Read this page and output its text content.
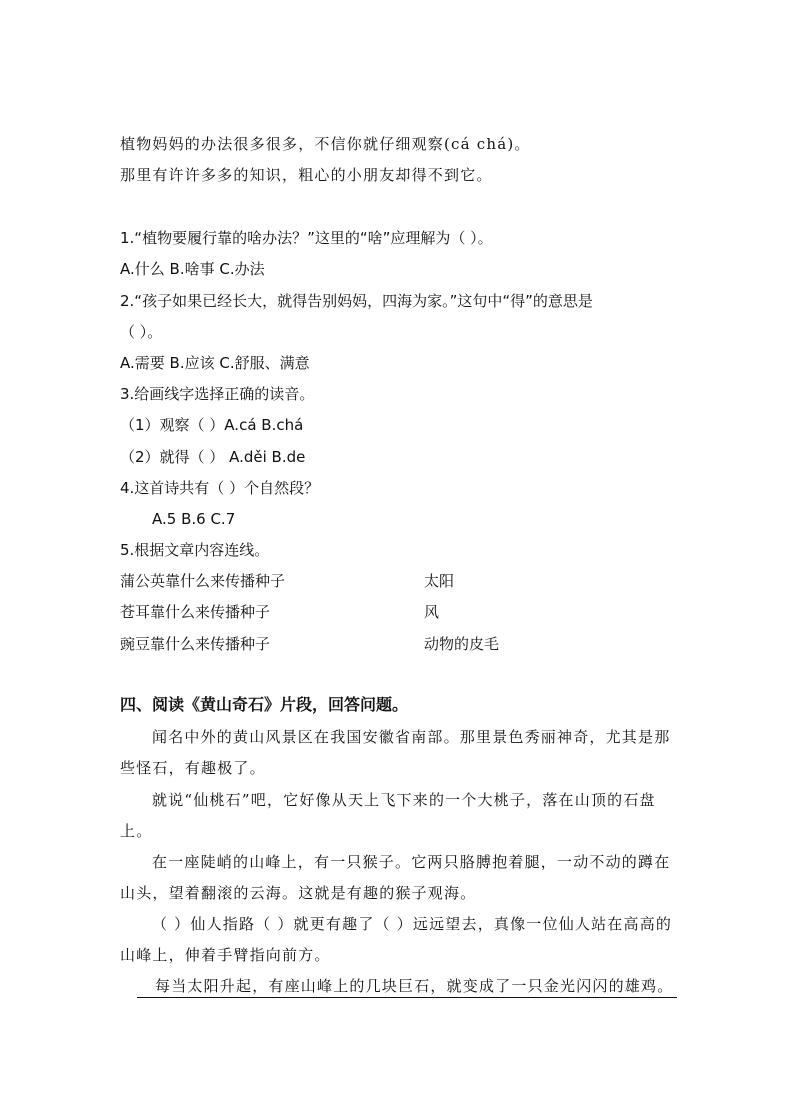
植物妈妈的办法很多很多，不信你就仔细观察(cá chá)。
那里有许许多多的知识，粗心的小朋友却得不到它。
1.“植物要履行靠的啥办法？”这里的“啥”应理解为（ ）。
A.什么 B.啥事 C.办法
2.“孩子如果已经长大，就得告别妈妈，四海为家。”这句中“得”的意思是
（ ）。
A.需要 B.应该 C.舒服、满意
3.给画线字选择正确的读音。
（1）观察（ ）A.cá B.chá
（2）就得（ ） A.děi B.de
4.这首诗共有（ ）个自然段？
A.5 B.6 C.7
5.根据文章内容连线。
蒲公英靠什么来传播种子	太阳
苍耳靠什么来传播种子	风
豌豆靠什么来传播种子	动物的皮毛
四、阅读《黄山奇石》片段，回答问题。
闻名中外的黄山风景区在我国安徽省南部。那里景色秀丽神奇，尤其是那
些怪石，有趣极了。
就说“仙桃石”吧，它好像从天上飞下来的一个大桃子，落在山顶的石盘
上。
在一座陡峭的山峰上，有一只猴子。它两只胳膊抱着腿，一动不动的蹲在
山头，望着翻滚的云海。这就是有趣的猴子观海。
（ ）仙人指路（ ）就更有趣了（ ）远远望去，真像一位仙人站在高高的
山峰上，伸着手臂指向前方。
每当太阳升起，有座山峰上的几块巨石，就变成了一只金光闪闪的雄鸡。
